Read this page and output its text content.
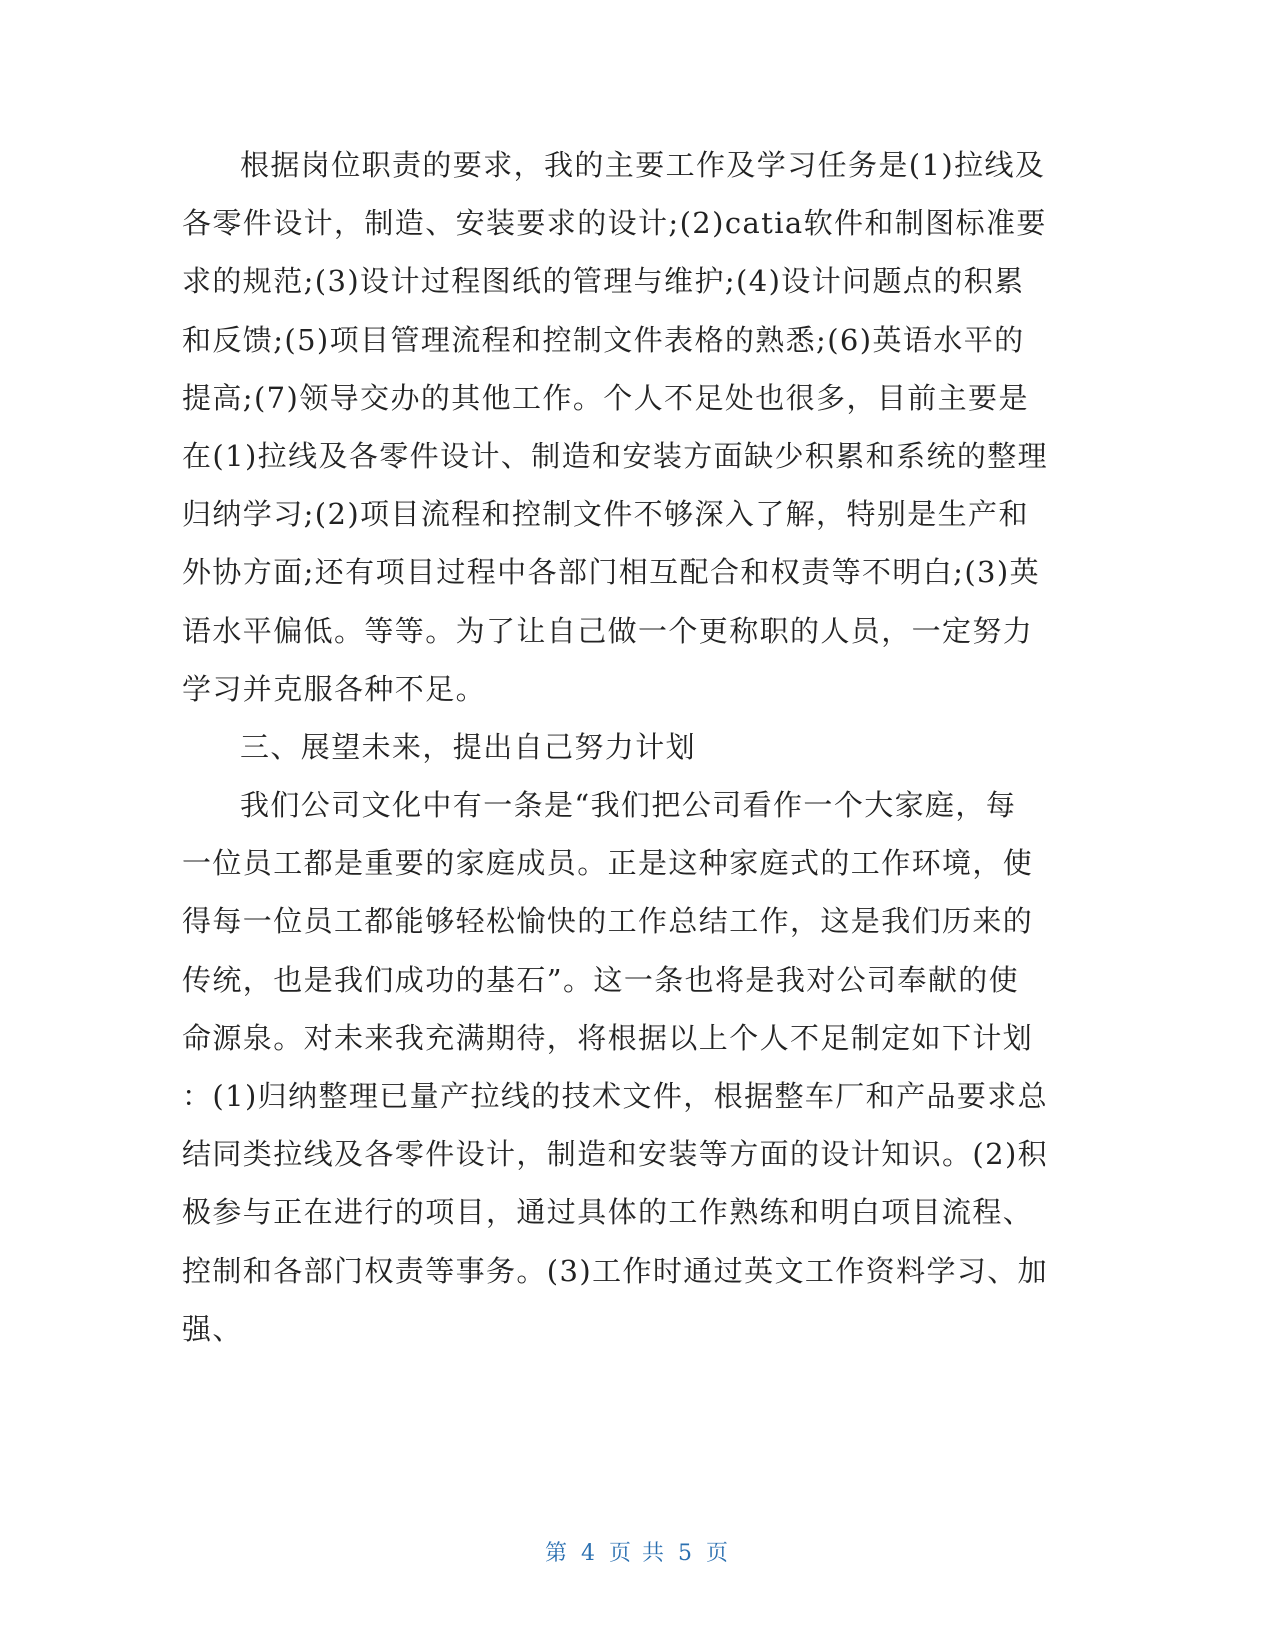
根据岗位职责的要求，我的主要工作及学习任务是(1)拉线及
各零件设计，制造、安装要求的设计;(2)catia软件和制图标准要
求的规范;(3)设计过程图纸的管理与维护;(4)设计问题点的积累
和反馈;(5)项目管理流程和控制文件表格的熟悉;(6)英语水平的
提高;(7)领导交办的其他工作。个人不足处也很多，目前主要是
在(1)拉线及各零件设计、制造和安装方面缺少积累和系统的整理
归纳学习;(2)项目流程和控制文件不够深入了解，特别是生产和
外协方面;还有项目过程中各部门相互配合和权责等不明白;(3)英
语水平偏低。等等。为了让自己做一个更称职的人员，一定努力
学习并克服各种不足。
三、展望未来，提出自己努力计划
我们公司文化中有一条是“我们把公司看作一个大家庭，每
一位员工都是重要的家庭成员。正是这种家庭式的工作环境，使
得每一位员工都能够轻松愉快的工作总结工作，这是我们历来的
传统，也是我们成功的基石”。这一条也将是我对公司奉献的使
命源泉。对未来我充满期待，将根据以上个人不足制定如下计划
：(1)归纳整理已量产拉线的技术文件，根据整车厂和产品要求总
结同类拉线及各零件设计，制造和安装等方面的设计知识。(2)积
极参与正在进行的项目，通过具体的工作熟练和明白项目流程、
控制和各部门权责等事务。(3)工作时通过英文工作资料学习、加
强、
第 4 页 共 5 页
